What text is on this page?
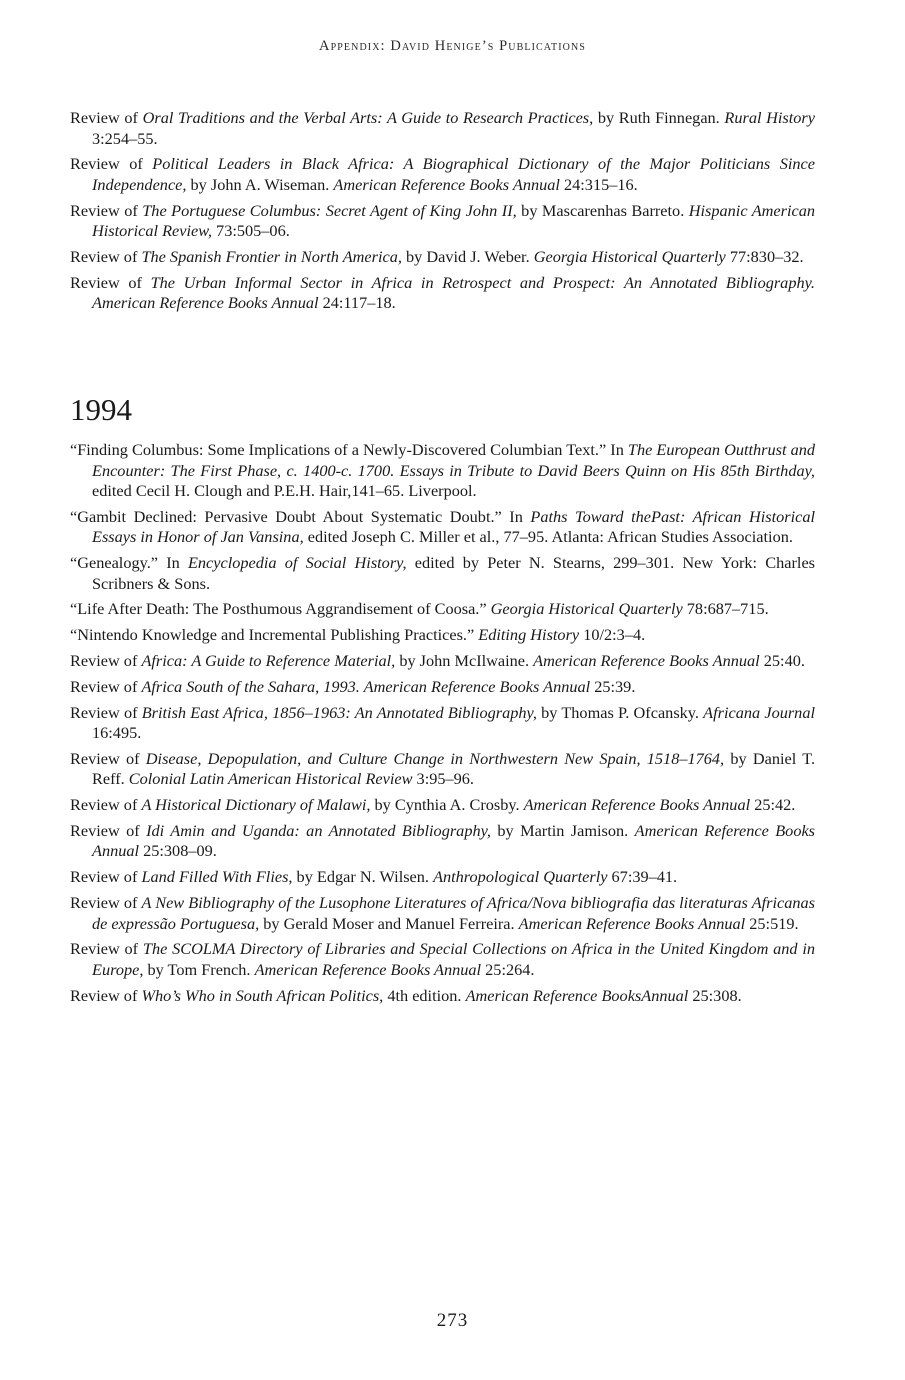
Appendix: David Henige’s Publications

Review of Oral Traditions and the Verbal Arts: A Guide to Research Practices, by Ruth Finnegan. Rural History 3:254–55.

Review of Political Leaders in Black Africa: A Biographical Dictionary of the Major Politicians Since Independence, by John A. Wiseman. American Reference Books Annual 24:315–16.

Review of The Portuguese Columbus: Secret Agent of King John II, by Mascarenhas Barreto. Hispanic American Historical Review, 73:505–06.

Review of The Spanish Frontier in North America, by David J. Weber. Georgia Historical Quarterly 77:830–32.

Review of The Urban Informal Sector in Africa in Retrospect and Prospect: An Annotated Bibliography. American Reference Books Annual 24:117–18.

1994

“Finding Columbus: Some Implications of a Newly-Discovered Columbian Text.” In The European Outthrust and Encounter: The First Phase, c. 1400-c. 1700. Essays in Tribute to David Beers Quinn on His 85th Birthday, edited Cecil H. Clough and P.E.H. Hair,141–65. Liverpool.

“Gambit Declined: Pervasive Doubt About Systematic Doubt.” In Paths Toward thePast: African Historical Essays in Honor of Jan Vansina, edited Joseph C. Miller et al., 77–95. Atlanta: African Studies Association.

“Genealogy.” In Encyclopedia of Social History, edited by Peter N. Stearns, 299–301. New York: Charles Scribners & Sons.

“Life After Death: The Posthumous Aggrandisement of Coosa.” Georgia Historical Quarterly 78:687–715.

“Nintendo Knowledge and Incremental Publishing Practices.” Editing History 10/2:3–4.

Review of Africa: A Guide to Reference Material, by John McIlwaine. American Reference Books Annual 25:40.

Review of Africa South of the Sahara, 1993. American Reference Books Annual 25:39.

Review of British East Africa, 1856–1963: An Annotated Bibliography, by Thomas P. Ofcansky. Africana Journal 16:495.

Review of Disease, Depopulation, and Culture Change in Northwestern New Spain, 1518–1764, by Daniel T. Reff. Colonial Latin American Historical Review 3:95–96.

Review of A Historical Dictionary of Malawi, by Cynthia A. Crosby. American Reference Books Annual 25:42.

Review of Idi Amin and Uganda: an Annotated Bibliography, by Martin Jamison. American Reference Books Annual 25:308–09.

Review of Land Filled With Flies, by Edgar N. Wilsen. Anthropological Quarterly 67:39–41.

Review of A New Bibliography of the Lusophone Literatures of Africa/Nova bibliografia das literaturas Africanas de expressão Portuguesa, by Gerald Moser and Manuel Ferreira. American Reference Books Annual 25:519.

Review of The SCOLMA Directory of Libraries and Special Collections on Africa in the United Kingdom and in Europe, by Tom French. American Reference Books Annual 25:264.

Review of Who’s Who in South African Politics, 4th edition. American Reference BooksAnnual 25:308.

273
